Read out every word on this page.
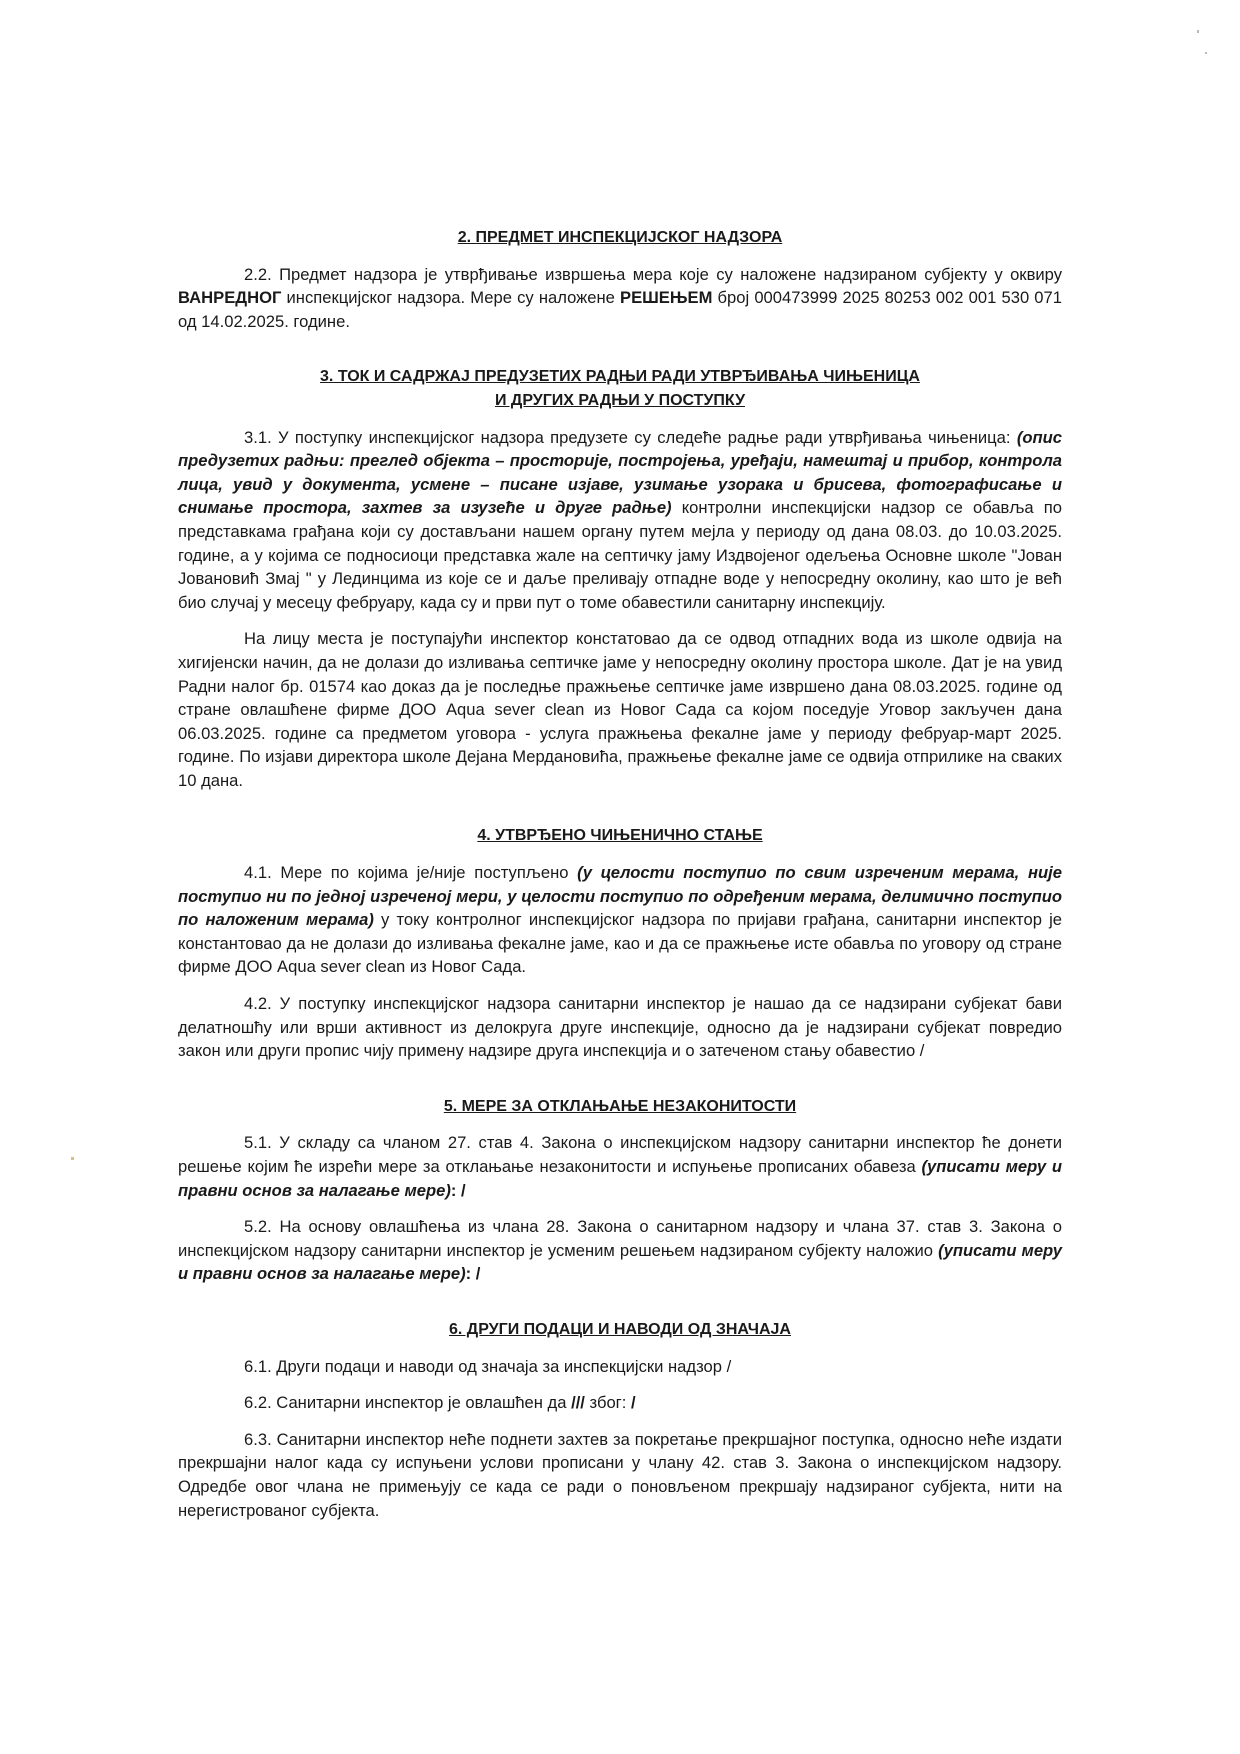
2. ПРЕДМЕТ ИНСПЕКЦИЈСКОГ НАДЗОРА

2.2. Предмет надзора је утврђивање извршења мера које су наложене надзираном субјекту у оквиру ВАНРЕДНОГ инспекцијског надзора. Мере су наложене РЕШЕЊЕМ број 000473999 2025 80253 002 001 530 071 од 14.02.2025. године.

3. ТОК И САДРЖАЈ ПРЕДУЗЕТИХ РАДЊИ РАДИ УТВРЂИВАЊА ЧИЊЕНИЦА
И ДРУГИХ РАДЊИ У ПОСТУПКУ

3.1. У поступку инспекцијског надзора предузете су следеће радње ради утврђивања чињеница: (опис предузетих радњи: преглед објекта – просторије, постројења, уређаји, намештај и прибор, контрола лица, увид у документа, усмене – писане изјаве, узимање узорака и брисева, фотографисање и снимање простора, захтев за изузеће и друге радње) контролни инспекцијски надзор се обавља по представкама грађана који су достављани нашем органу путем мејла у периоду од дана 08.03. до 10.03.2025. године, а у којима се подносиоци представка жале на септичку јаму Издвојеног одељења Основне школе "Јован Јовановић Змај " у Лединцима из које се и даље преливају отпадне воде у непосредну околину, као што је већ био случај у месецу фебруару, када су и први пут о томе обавестили санитарну инспекцију.

На лицу места је поступајући инспектор констатовао да се одвод отпадних вода из школе одвија на хигијенски начин, да не долази до изливања септичке јаме у непосредну околину простора школе. Дат је на увид Радни налог бр. 01574 као доказ да је последње пражњење септичке јаме извршено дана 08.03.2025. године од стране овлашћене фирме ДОО Aqua sever clean из Новог Сада са којом поседује Уговор закључен дана 06.03.2025. године са предметом уговора - услуга пражњења фекалне јаме у периоду фебруар-март 2025. године. По изјави директора школе Дејана Мердановића, пражњење фекалне јаме се одвија отприлике на сваких 10 дана.

4. УТВРЂЕНО ЧИЊЕНИЧНО СТАЊЕ

4.1. Мере по којима је/није поступљено (у целости поступио по свим изреченим мерама, није поступио ни по једној изреченој мери, у целости поступио по одређеним мерама, делимично поступио по наложеним мерама) у току контролног инспекцијског надзора по пријави грађана, санитарни инспектор је константовао да не долази до изливања фекалне јаме, као и да се пражњење исте обавља по уговору од стране фирме ДОО Aqua sever clean из Новог Сада.

4.2. У поступку инспекцијског надзора санитарни инспектор је нашао да се надзирани субјекат бави делатношћу или врши активност из делокруга друге инспекције, односно да је надзирани субјекат повредио закон или други пропис чију примену надзире друга инспекција и о затеченом стању обавестио /

5. МЕРЕ ЗА ОТКЛАЊАЊЕ НЕЗАКОНИТОСТИ

5.1. У складу са чланом 27. став 4. Закона о инспекцијском надзору санитарни инспектор ће донети решење којим ће изрећи мере за отклањање незаконитости и испуњење прописаних обавеза (уписати меру и правни основ за налагање мере): /

5.2. На основу овлашћења из члана 28. Закона о санитарном надзору и члана 37. став 3. Закона о инспекцијском надзору санитарни инспектор је усменим решењем надзираном субјекту наложио (уписати меру и правни основ за налагање мере): /

6. ДРУГИ ПОДАЦИ И НАВОДИ ОД ЗНАЧАЈА

6.1. Други подаци и наводи од значаја за инспекцијски надзор /

6.2. Санитарни инспектор је овлашћен да /// због: /

6.3. Санитарни инспектор неће поднети захтев за покретање прекршајног поступка, односно неће издати прекршајни налог када су испуњени услови прописани у члану 42. став 3. Закона о инспекцијском надзору. Одредбе овог члана не примењују се када се ради о поновљеном прекршају надзираног субјекта, нити на нерегистрованог субјекта.
